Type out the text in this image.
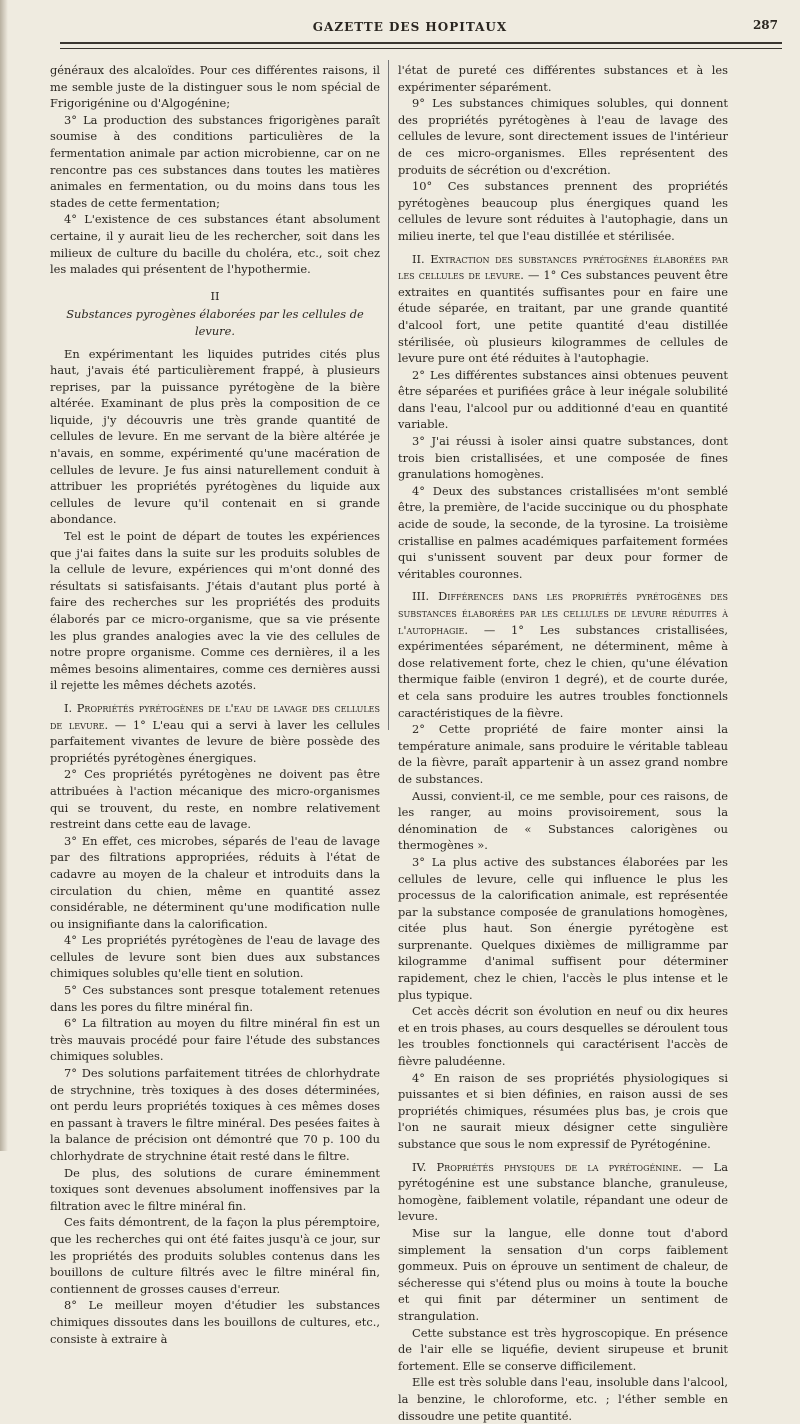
GAZETTE DES HOPITAUX	287

généraux des alcaloïdes. Pour ces différentes raisons, il me semble juste de la distinguer sous le nom spécial de Frigorigénine ou d'Algogénine;

3° La production des substances frigorigènes paraît soumise à des conditions particulières de la fermentation animale par action microbienne, car on ne rencontre pas ces substances dans toutes les matières animales en fermentation, ou du moins dans tous les stades de cette fermentation;

4° L'existence de ces substances étant absolument certaine, il y aurait lieu de les rechercher, soit dans les milieux de culture du bacille du choléra, etc., soit chez les malades qui présentent de l'hypothermie.

II
Substances pyrogènes élaborées par les cellules de levure.

En expérimentant les liquides putrides cités plus haut, j'avais été particulièrement frappé, à plusieurs reprises, par la puissance pyrétogène de la bière altérée. Examinant de plus près la composition de ce liquide, j'y découvris une très grande quantité de cellules de levure. En me servant de la bière altérée je n'avais, en somme, expérimenté qu'une macération de cellules de levure. Je fus ainsi naturellement conduit à attribuer les propriétés pyrétogènes du liquide aux cellules de levure qu'il contenait en si grande abondance.

Tel est le point de départ de toutes les expériences que j'ai faites dans la suite sur les produits solubles de la cellule de levure, expériences qui m'ont donné des résultats si satisfaisants. J'étais d'autant plus porté à faire des recherches sur les propriétés des produits élaborés par ce micro-organisme, que sa vie présente les plus grandes analogies avec la vie des cellules de notre propre organisme. Comme ces dernières, il a les mêmes besoins alimentaires, comme ces dernières aussi il rejette les mêmes déchets azotés.

I. Propriétés pyrétogènes de l'eau de lavage des cellules de levure. — 1° L'eau qui a servi à laver les cellules parfaitement vivantes de levure de bière possède des propriétés pyrétogènes énergiques.

2° Ces propriétés pyrétogènes ne doivent pas être attribuées à l'action mécanique des micro-organismes qui se trouvent, du reste, en nombre relativement restreint dans cette eau de lavage.

3° En effet, ces microbes, séparés de l'eau de lavage par des filtrations appropriées, réduits à l'état de cadavre au moyen de la chaleur et introduits dans la circulation du chien, même en quantité assez considérable, ne déterminent qu'une modification nulle ou insignifiante dans la calorification.

4° Les propriétés pyrétogènes de l'eau de lavage des cellules de levure sont bien dues aux substances chimiques solubles qu'elle tient en solution.

5° Ces substances sont presque totalement retenues dans les pores du filtre minéral fin.

6° La filtration au moyen du filtre minéral fin est un très mauvais procédé pour faire l'étude des substances chimiques solubles.

7° Des solutions parfaitement titrées de chlorhydrate de strychnine, très toxiques à des doses déterminées, ont perdu leurs propriétés toxiques à ces mêmes doses en passant à travers le filtre minéral. Des pesées faites à la balance de précision ont démontré que 70 p. 100 du chlorhydrate de strychnine était resté dans le filtre.

De plus, des solutions de curare éminemment toxiques sont devenues absolument inoffensives par la filtration avec le filtre minéral fin.

Ces faits démontrent, de la façon la plus péremptoire, que les recherches qui ont été faites jusqu'à ce jour, sur les propriétés des produits solubles contenus dans les bouillons de culture filtrés avec le filtre minéral fin, contiennent de grosses causes d'erreur.

8° Le meilleur moyen d'étudier les substances chimiques dissoutes dans les bouillons de cultures, etc., consiste à extraire à

l'état de pureté ces différentes substances et à les expérimenter séparément.

9° Les substances chimiques solubles, qui donnent des propriétés pyrétogènes à l'eau de lavage des cellules de levure, sont directement issues de l'intérieur de ces micro-organismes. Elles représentent des produits de sécrétion ou d'excrétion.

10° Ces substances prennent des propriétés pyrétogènes beaucoup plus énergiques quand les cellules de levure sont réduites à l'autophagie, dans un milieu inerte, tel que l'eau distillée et stérilisée.

II. Extraction des substances pyrétogènes élaborées par les cellules de levure. — 1° Ces substances peuvent être extraites en quantités suffisantes pour en faire une étude séparée, en traitant, par une grande quantité d'alcool fort, une petite quantité d'eau distillée stérilisée, où plusieurs kilogrammes de cellules de levure pure ont été réduites à l'autophagie.

2° Les différentes substances ainsi obtenues peuvent être séparées et purifiées grâce à leur inégale solubilité dans l'eau, l'alcool pur ou additionné d'eau en quantité variable.

3° J'ai réussi à isoler ainsi quatre substances, dont trois bien cristallisées, et une composée de fines granulations homogènes.

4° Deux des substances cristallisées m'ont semblé être, la première, de l'acide succinique ou du phosphate acide de soude, la seconde, de la tyrosine. La troisième cristallise en palmes académiques parfaitement formées qui s'unissent souvent par deux pour former de véritables couronnes.

III. Différences dans les propriétés pyrétogènes des substances élaborées par les cellules de levure réduites à l'autophagie. — 1° Les substances cristallisées, expérimentées séparément, ne déterminent, même à dose relativement forte, chez le chien, qu'une élévation thermique faible (environ 1 degré), et de courte durée, et cela sans produire les autres troubles fonctionnels caractéristiques de la fièvre.

2° Cette propriété de faire monter ainsi la température animale, sans produire le véritable tableau de la fièvre, paraît appartenir à un assez grand nombre de substances.

Aussi, convient-il, ce me semble, pour ces raisons, de les ranger, au moins provisoirement, sous la dénomination de « Substances calorigènes ou thermogènes ».

3° La plus active des substances élaborées par les cellules de levure, celle qui influence le plus les processus de la calorification animale, est représentée par la substance composée de granulations homogènes, citée plus haut. Son énergie pyrétogène est surprenante. Quelques dixièmes de milligramme par kilogramme d'animal suffisent pour déterminer rapidement, chez le chien, l'accès le plus intense et le plus typique.

Cet accès décrit son évolution en neuf ou dix heures et en trois phases, au cours desquelles se déroulent tous les troubles fonctionnels qui caractérisent l'accès de fièvre paludéenne.

4° En raison de ses propriétés physiologiques si puissantes et si bien définies, en raison aussi de ses propriétés chimiques, résumées plus bas, je crois que l'on ne saurait mieux désigner cette singulière substance que sous le nom expressif de Pyrétogénine.

IV. Propriétés physiques de la pyrétogénine. — La pyrétogénine est une substance blanche, granuleuse, homogène, faiblement volatile, répandant une odeur de levure.

Mise sur la langue, elle donne tout d'abord simplement la sensation d'un corps faiblement gommeux. Puis on éprouve un sentiment de chaleur, de sécheresse qui s'étend plus ou moins à toute la bouche et qui finit par déterminer un sentiment de strangulation.

Cette substance est très hygroscopique. En présence de l'air elle se liquéfie, devient sirupeuse et brunit fortement. Elle se conserve difficilement.

Elle est très soluble dans l'eau, insoluble dans l'alcool, la benzine, le chloroforme, etc. ; l'éther semble en dissoudre une petite quantité.
